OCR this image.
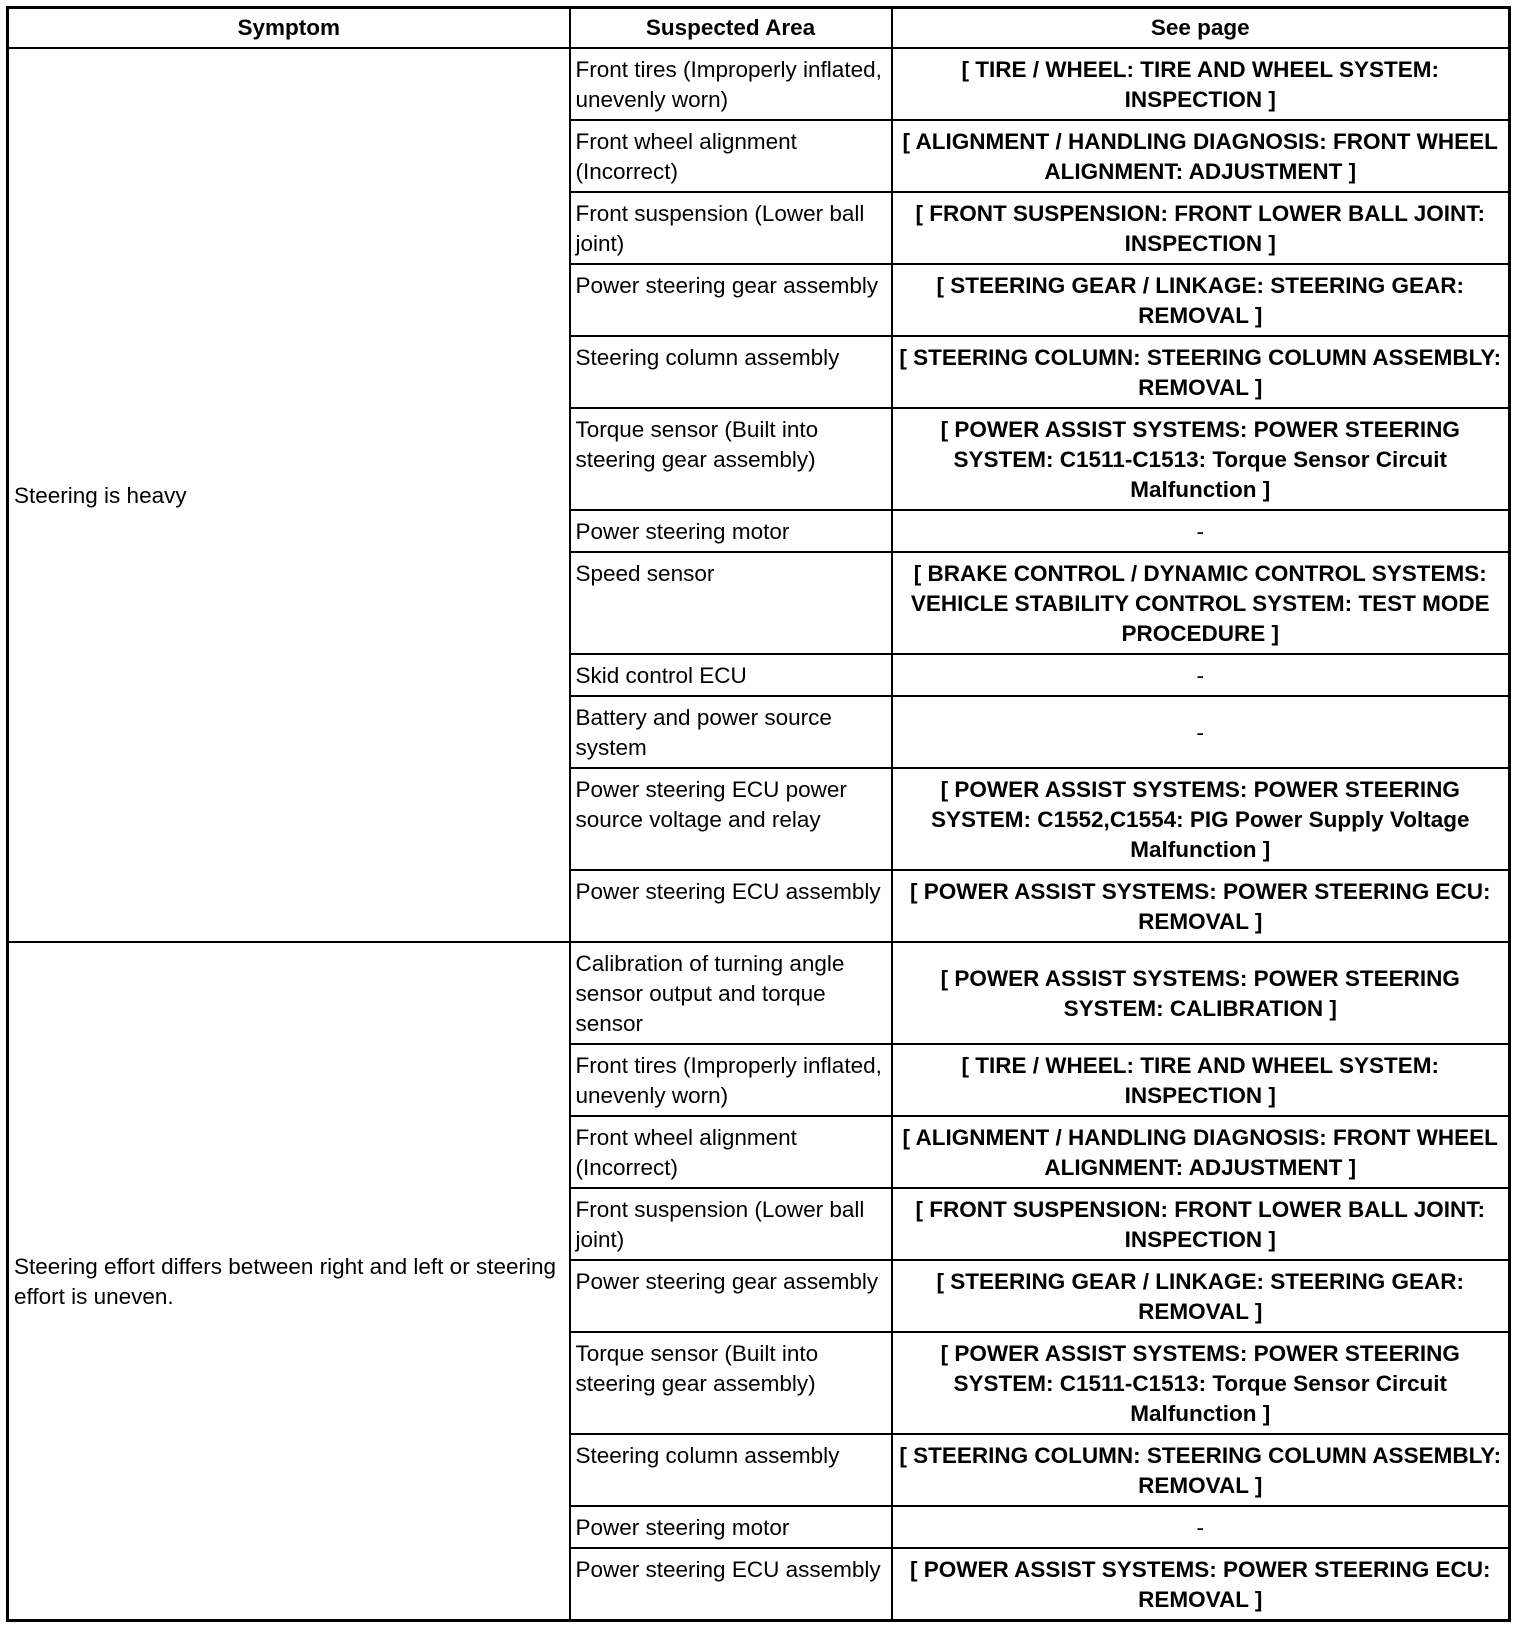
Symptom	Suspected Area	See page
Steering is heavy	Front tires (Improperly inflated, unevenly worn)	[ TIRE / WHEEL: TIRE AND WHEEL SYSTEM: INSPECTION ]
	Front wheel alignment (Incorrect)	[ ALIGNMENT / HANDLING DIAGNOSIS: FRONT WHEEL ALIGNMENT: ADJUSTMENT ]
	Front suspension (Lower ball joint)	[ FRONT SUSPENSION: FRONT LOWER BALL JOINT: INSPECTION ]
	Power steering gear assembly	[ STEERING GEAR / LINKAGE: STEERING GEAR: REMOVAL ]
	Steering column assembly	[ STEERING COLUMN: STEERING COLUMN ASSEMBLY: REMOVAL ]
	Torque sensor (Built into steering gear assembly)	[ POWER ASSIST SYSTEMS: POWER STEERING SYSTEM: C1511-C1513: Torque Sensor Circuit Malfunction ]
	Power steering motor	-
	Speed sensor	[ BRAKE CONTROL / DYNAMIC CONTROL SYSTEMS: VEHICLE STABILITY CONTROL SYSTEM: TEST MODE PROCEDURE ]
	Skid control ECU	-
	Battery and power source system	-
	Power steering ECU power source voltage and relay	[ POWER ASSIST SYSTEMS: POWER STEERING SYSTEM: C1552,C1554: PIG Power Supply Voltage Malfunction ]
	Power steering ECU assembly	[ POWER ASSIST SYSTEMS: POWER STEERING ECU: REMOVAL ]
Steering effort differs between right and left or steering effort is uneven.	Calibration of turning angle sensor output and torque sensor	[ POWER ASSIST SYSTEMS: POWER STEERING SYSTEM: CALIBRATION ]
	Front tires (Improperly inflated, unevenly worn)	[ TIRE / WHEEL: TIRE AND WHEEL SYSTEM: INSPECTION ]
	Front wheel alignment (Incorrect)	[ ALIGNMENT / HANDLING DIAGNOSIS: FRONT WHEEL ALIGNMENT: ADJUSTMENT ]
	Front suspension (Lower ball joint)	[ FRONT SUSPENSION: FRONT LOWER BALL JOINT: INSPECTION ]
	Power steering gear assembly	[ STEERING GEAR / LINKAGE: STEERING GEAR: REMOVAL ]
	Torque sensor (Built into steering gear assembly)	[ POWER ASSIST SYSTEMS: POWER STEERING SYSTEM: C1511-C1513: Torque Sensor Circuit Malfunction ]
	Steering column assembly	[ STEERING COLUMN: STEERING COLUMN ASSEMBLY: REMOVAL ]
	Power steering motor	-
	Power steering ECU assembly	[ POWER ASSIST SYSTEMS: POWER STEERING ECU: REMOVAL ]
